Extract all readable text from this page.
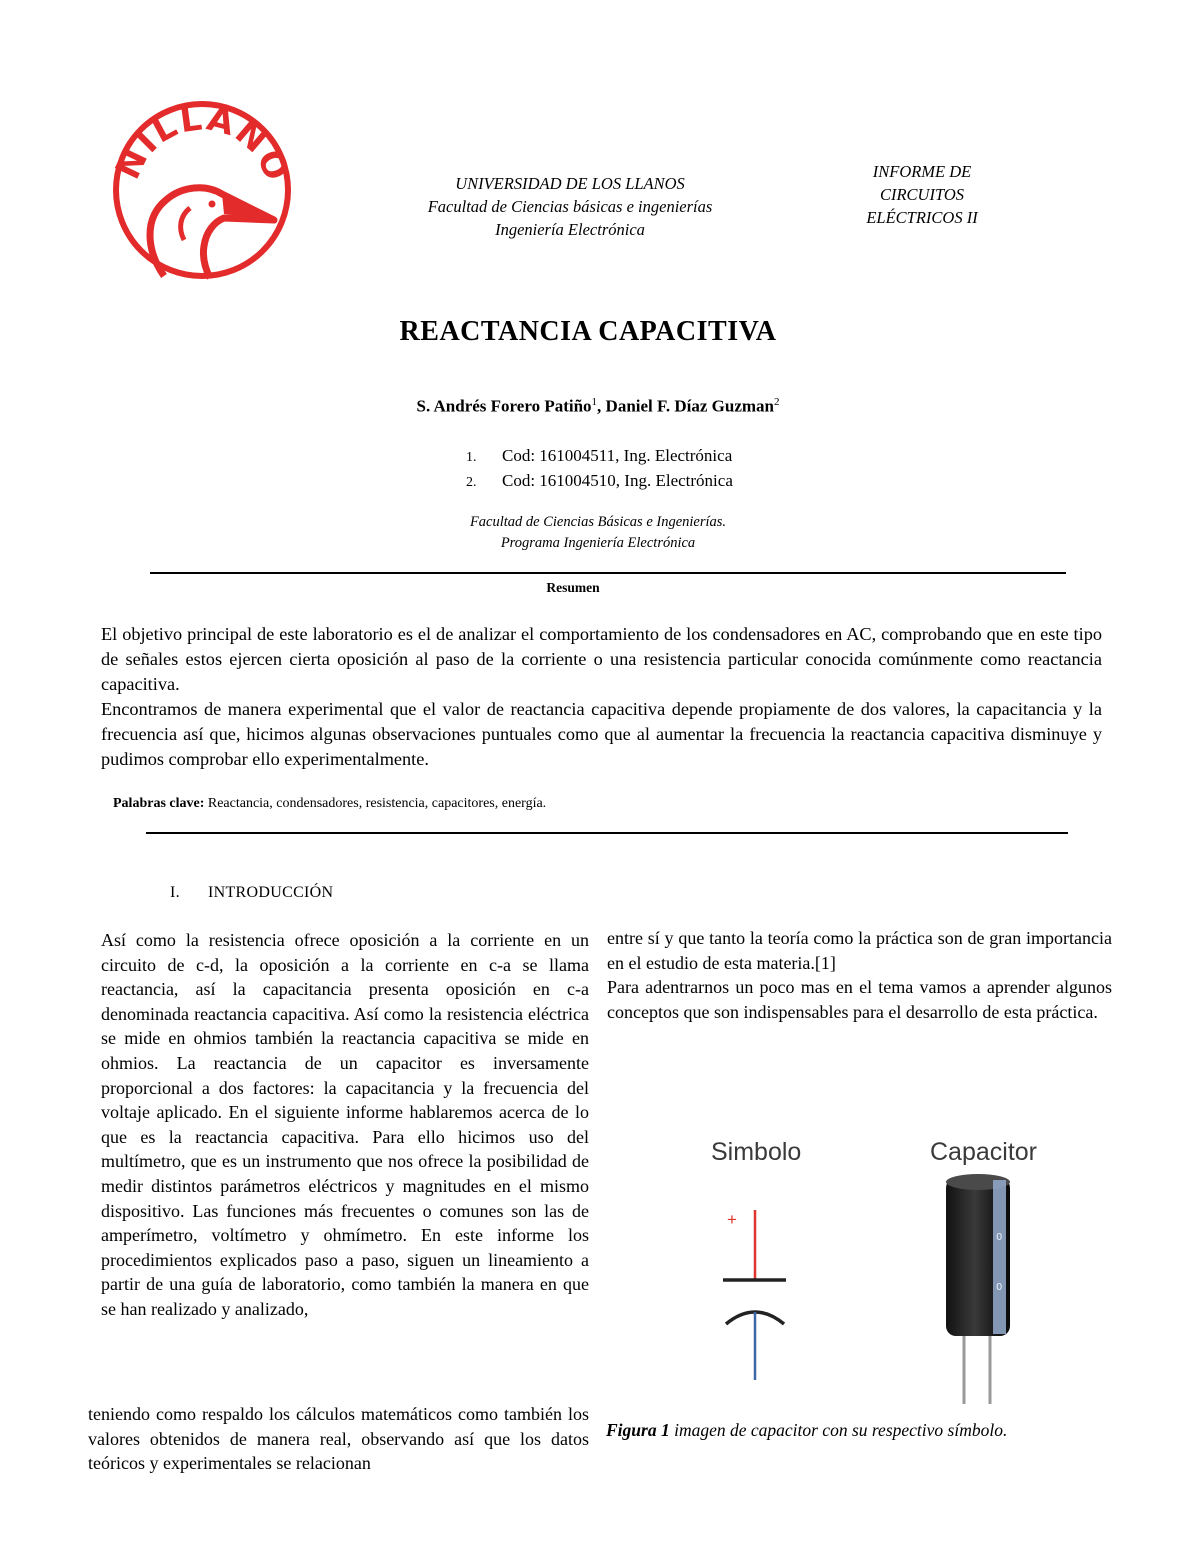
NILLANO	UNIVERSIDAD DE LOS LLANOS
Facultad de Ciencias básicas e ingenierías
Ingeniería Electrónica
INFORME DE
CIRCUITOS
ELÉCTRICOS II
REACTANCIA CAPACITIVA
S. Andrés Forero Patiño$^1$, Daniel F. Díaz Guzman$^2$
1. Cod: 161004511, Ing. Electrónica
2. Cod: 161004510, Ing. Electrónica
Facultad de Ciencias Básicas e Ingenierías.
Programa Ingeniería Electrónica
Resumen

El objetivo principal de este laboratorio es el de analizar el comportamiento de los condensadores en AC, comprobando que en este tipo de señales estos ejercen cierta oposición al paso de la corriente o una resistencia particular conocida comúnmente como reactancia capacitiva.

Encontramos de manera experimental que el valor de reactancia capacitiva depende propiamente de dos valores, la capacitancia y la frecuencia así que, hicimos algunas observaciones puntuales como que al aumentar la frecuencia la reactancia capacitiva disminuye y pudimos comprobar ello experimentalmente.

Palabras clave: Reactancia, condensadores, resistencia, capacitores, energía.
I. INTRODUCCIÓN
Así como la resistencia ofrece oposición a la corriente en un circuito de c-d, la oposición a la corriente en c-a se llama reactancia, así la capacitancia presenta oposición en c-a denominada reactancia capacitiva. Así como la resistencia eléctrica se mide en ohmios también la reactancia capacitiva se mide en ohmios. La reactancia de un capacitor es inversamente proporcional a dos factores: la capacitancia y la frecuencia del voltaje aplicado. En el siguiente informe hablaremos acerca de lo que es la reactancia capacitiva. Para ello hicimos uso del multímetro, que es un instrumento que nos ofrece la posibilidad de medir distintos parámetros eléctricos y magnitudes en el mismo dispositivo. Las funciones más frecuentes o comunes son las de amperímetro, voltímetro y ohmímetro. En este informe los procedimientos explicados paso a paso, siguen un lineamiento a partir de una guía de laboratorio, como también la manera en que se han realizado y analizado,
teniendo como respaldo los cálculos matemáticos como también los valores obtenidos de manera real, observando así que los datos teóricos y experimentales se relacionan
entre sí y que tanto la teoría como la práctica son de gran importancia en el estudio de esta materia.[1]
Para adentrarnos un poco mas en el tema vamos a aprender algunos conceptos que son indispensables para el desarrollo de esta práctica.
Simbolo	Capacitor
+
0
0
Figura 1 imagen de capacitor con su respectivo símbolo.
